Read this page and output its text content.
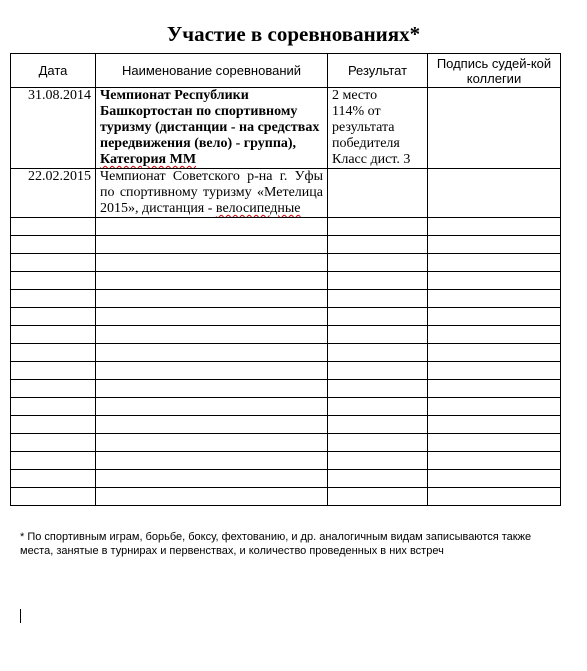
Участие в соревнованиях*
Дата	Наименование соревнований	Результат	Подпись судей-кой коллегии
31.08.2014	Чемпионат Республики Башкортостан по спортивному туризму (дистанции - на средствах передвижения (вело) - группа), Категория ММ	2 место
114% от
результата
победителя
Класс дист. 3	

22.02.2015	Чемпионат Советского р-на г. Уфы по спортивному туризму «Метелица 2015», дистанция - велосипедные		

* По спортивным играм, борьбе, боксу, фехтованию, и др. аналогичным видам записываются также места, занятые в турнирах и первенствах, и количество проведенных в них встреч
